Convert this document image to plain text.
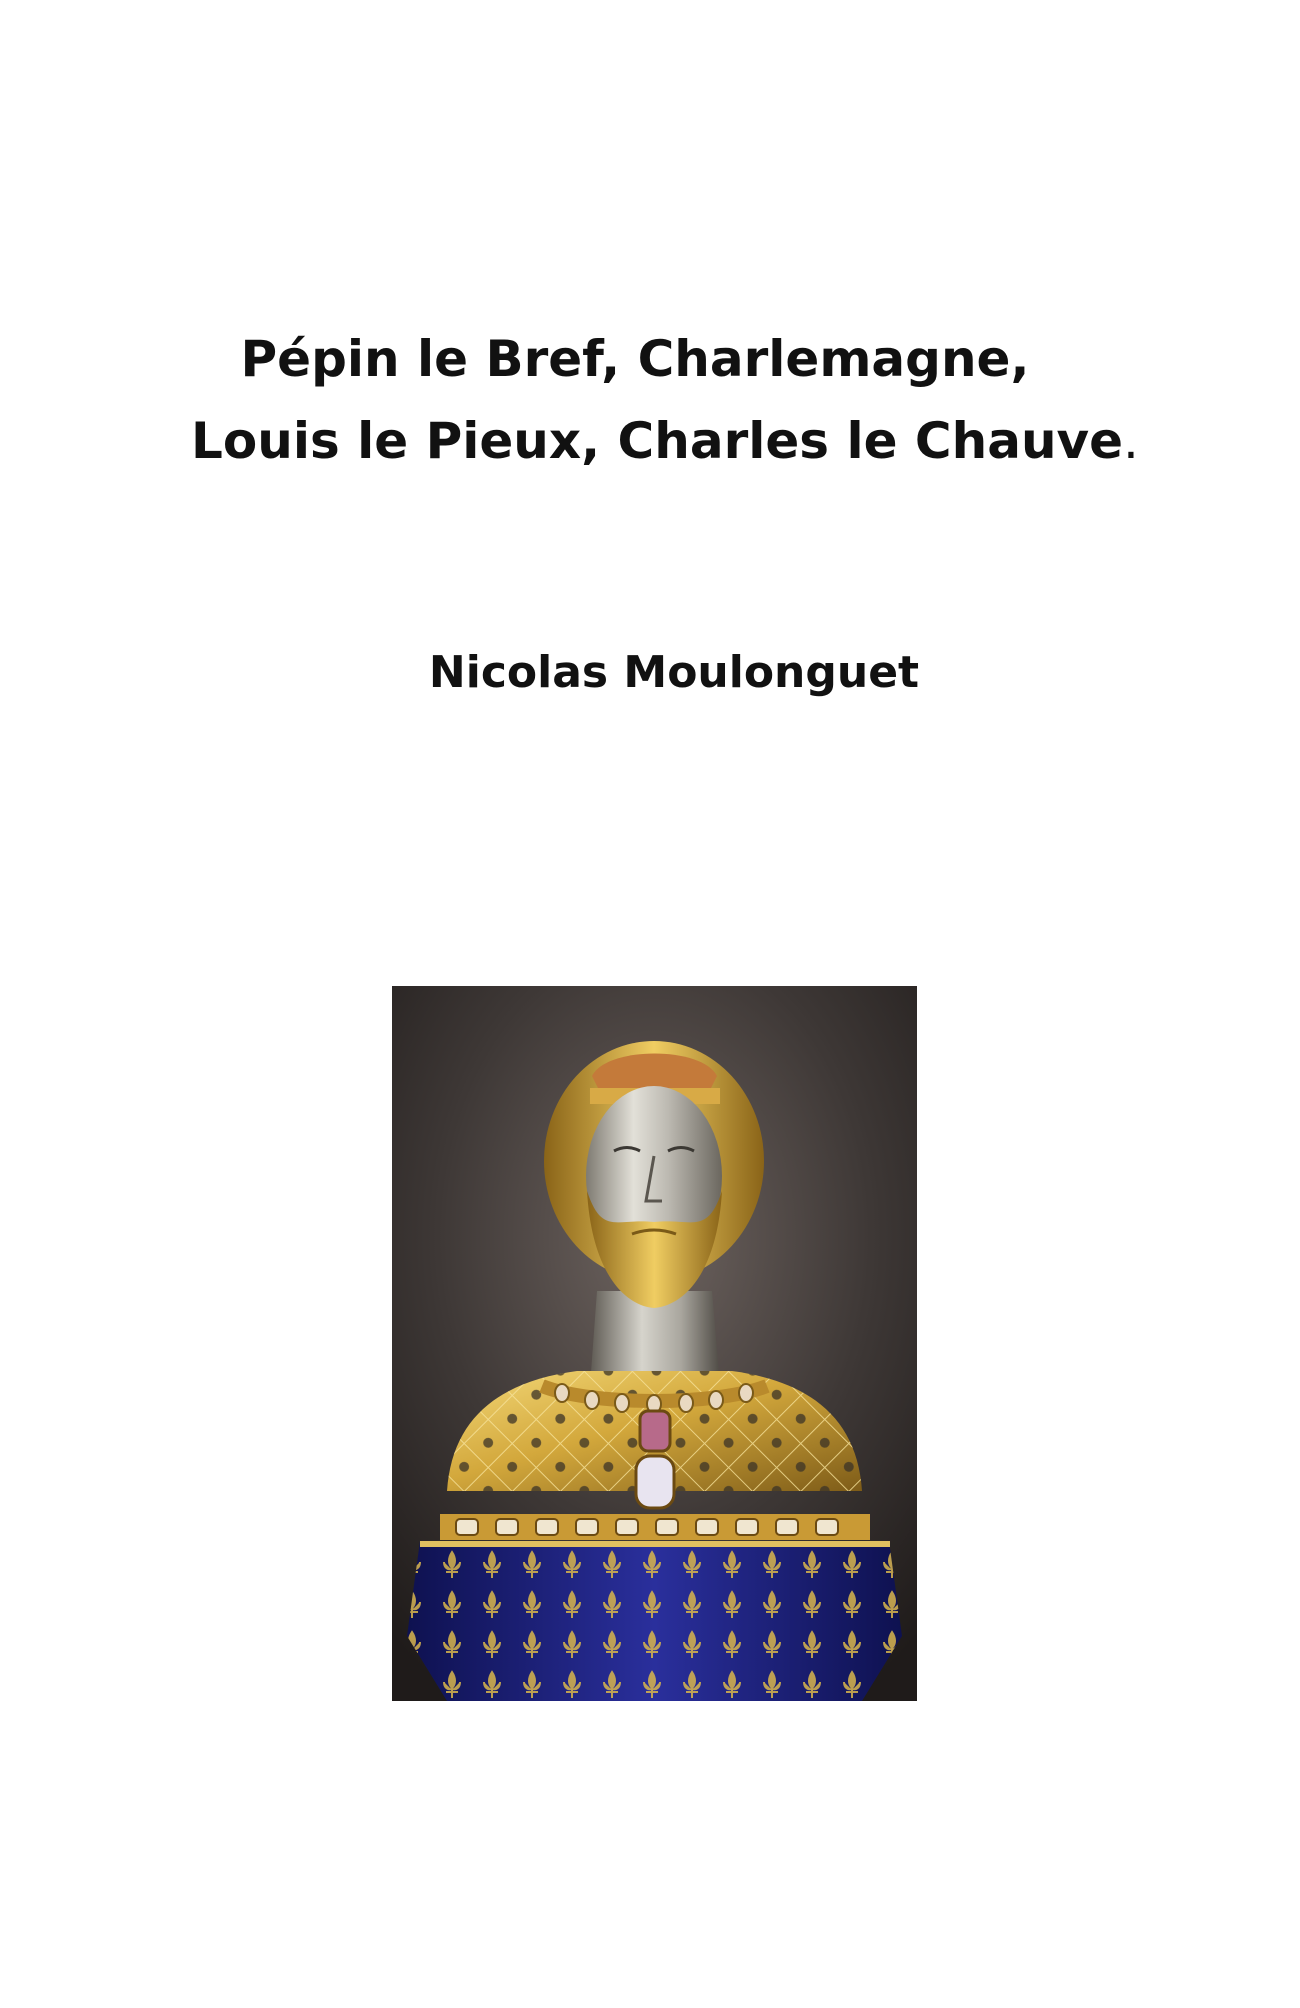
Pépin le Bref, Charlemagne,
Louis le Pieux, Charles le Chauve.
Nicolas Moulonguet
